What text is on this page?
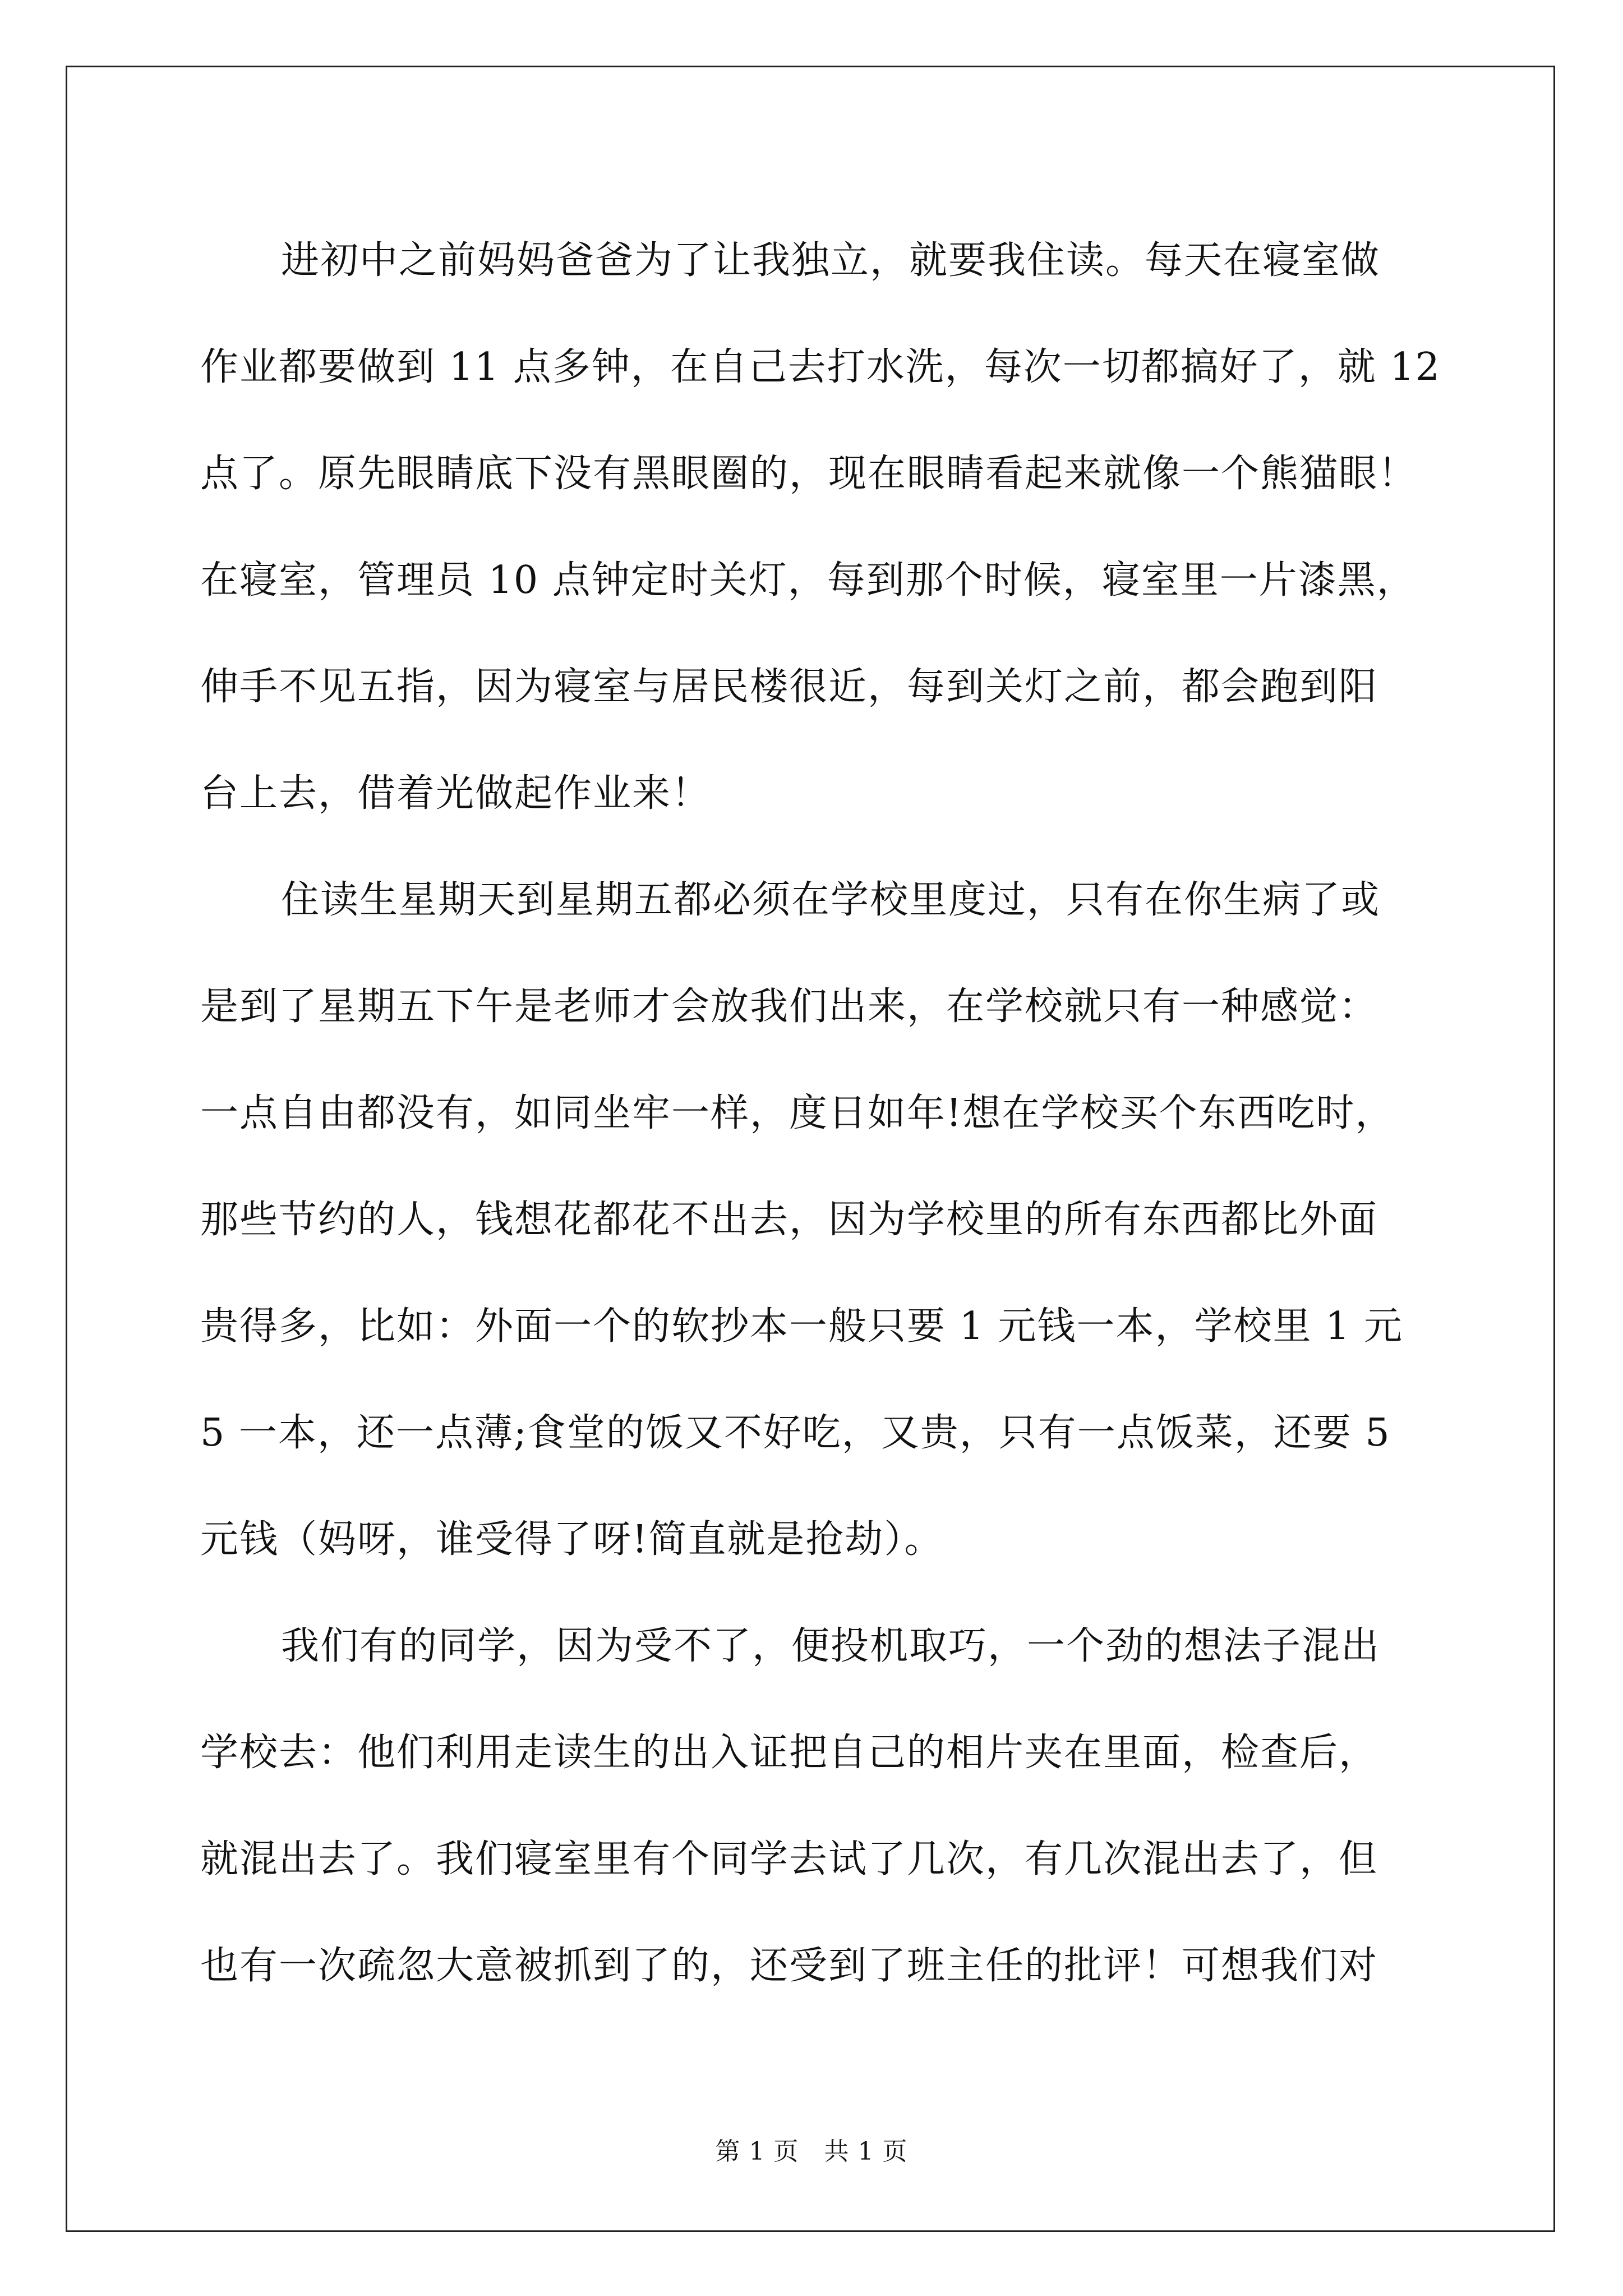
进初中之前妈妈爸爸为了让我独立，就要我住读。每天在寝室做
作业都要做到 11 点多钟，在自己去打水洗，每次一切都搞好了，就 12
点了。原先眼睛底下没有黑眼圈的，现在眼睛看起来就像一个熊猫眼！
在寝室，管理员 10 点钟定时关灯，每到那个时候，寝室里一片漆黑，
伸手不见五指，因为寝室与居民楼很近，每到关灯之前，都会跑到阳
台上去，借着光做起作业来！
住读生星期天到星期五都必须在学校里度过，只有在你生病了或
是到了星期五下午是老师才会放我们出来，在学校就只有一种感觉：
一点自由都没有，如同坐牢一样，度日如年!想在学校买个东西吃时，
那些节约的人，钱想花都花不出去，因为学校里的所有东西都比外面
贵得多，比如：外面一个的软抄本一般只要 1 元钱一本，学校里 1 元
5 一本，还一点薄;食堂的饭又不好吃，又贵，只有一点饭菜，还要 5
元钱（妈呀，谁受得了呀!简直就是抢劫）。
我们有的同学，因为受不了，便投机取巧，一个劲的想法子混出
学校去：他们利用走读生的出入证把自己的相片夹在里面，检查后，
就混出去了。我们寝室里有个同学去试了几次，有几次混出去了，但
也有一次疏忽大意被抓到了的，还受到了班主任的批评！可想我们对
第 1 页　共 1 页
